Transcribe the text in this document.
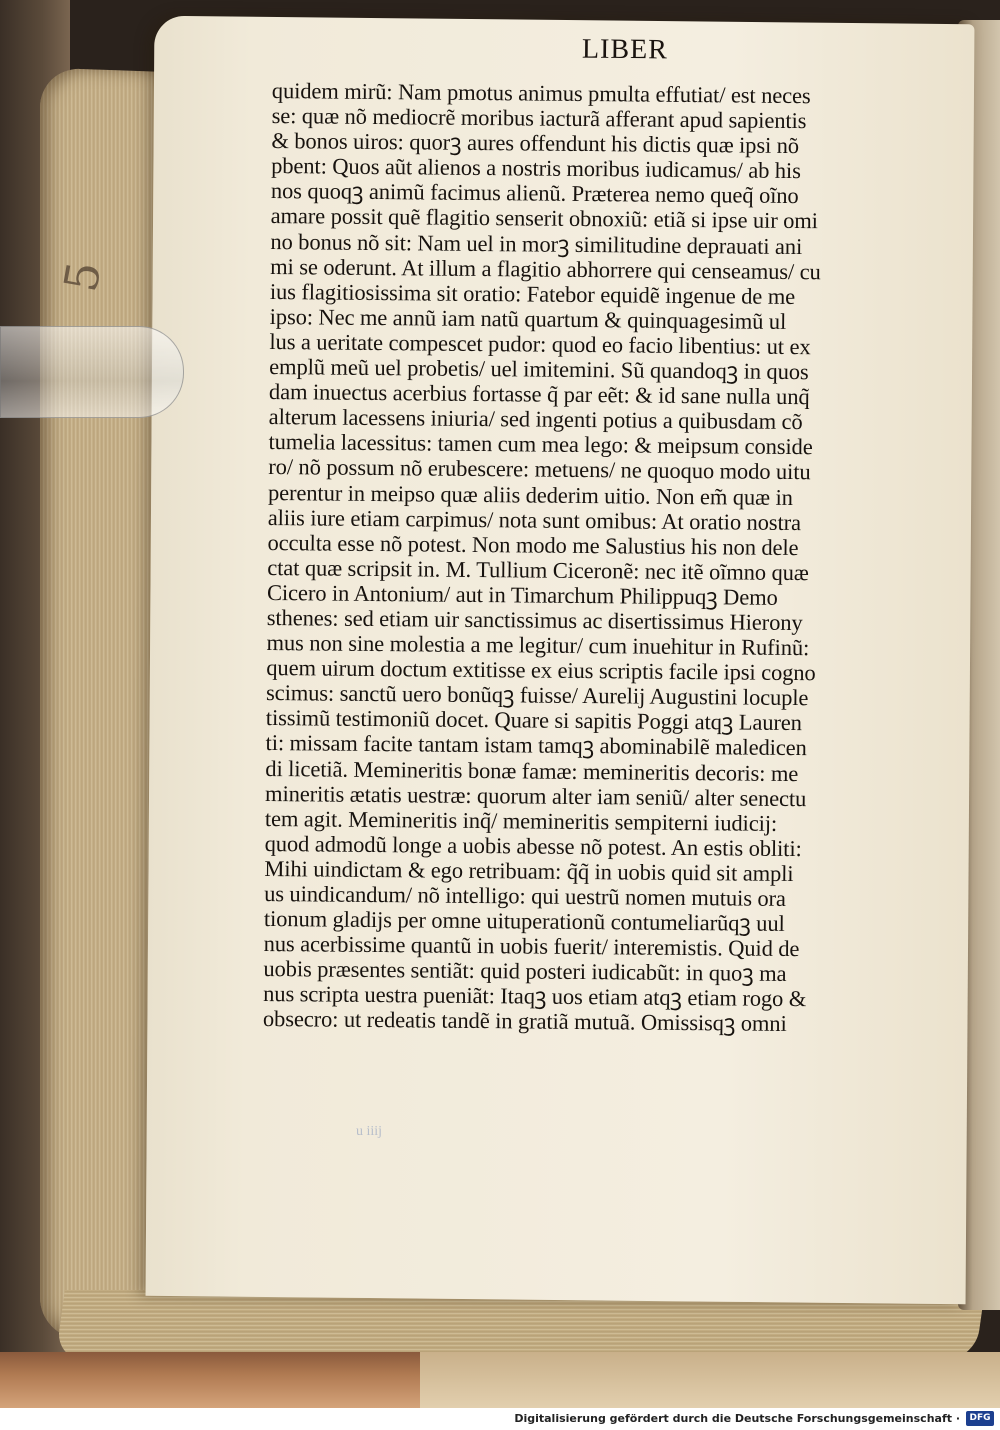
5
LIBER
quidem mirũ: Nam pmotus animus pmulta effutiat/ est neces
se: quæ nõ mediocrẽ moribus iacturã afferant apud sapientis
& bonos uiros: quorꝫ aures offendunt his dictis quæ ipsi nõ
pbent: Quos aũt alienos a nostris moribus iudicamus/ ab his
nos quoqꝫ animũ facimus alienũ. Præterea nemo queq̃ oĩno
amare possit quẽ flagitio senserit obnoxiũ: etiã si ipse uir omi
no bonus nõ sit: Nam uel in morꝫ similitudine deprauati ani
mi se oderunt. At illum a flagitio abhorrere qui censeamus/ cu
ius flagitiosissima sit oratio: Fatebor equidẽ ingenue de me
ipso: Nec me annũ iam natũ quartum & quinquagesimũ ul
lus a ueritate compescet pudor: quod eo facio libentius: ut ex
emplũ meũ uel probetis/ uel imitemini. Sũ quandoqꝫ in quos
dam inuectus acerbius fortasse q̃ par eẽt: & id sane nulla unq̃
alterum lacessens iniuria/ sed ingenti potius a quibusdam cõ
tumelia lacessitus: tamen cum mea lego: & meipsum conside
ro/ nõ possum nõ erubescere: metuens/ ne quoquo modo uitu
perentur in meipso quæ aliis dederim uitio. Non em̃ quæ in
aliis iure etiam carpimus/ nota sunt omibus: At oratio nostra
occulta esse nõ potest. Non modo me Salustius his non dele
ctat quæ scripsit in. M. Tullium Ciceronẽ: nec itẽ oĩmno quæ
Cicero in Antonium/ aut in Timarchum Philippuqꝫ Demo
sthenes: sed etiam uir sanctissimus ac disertissimus Hierony
mus non sine molestia a me legitur/ cum inuehitur in Rufinũ:
quem uirum doctum extitisse ex eius scriptis facile ipsi cogno
scimus: sanctũ uero bonũqꝫ fuisse/ Aurelij Augustini locuple
tissimũ testimoniũ docet. Quare si sapitis Poggi atqꝫ Lauren
ti: missam facite tantam istam tamqꝫ abominabilẽ maledicen
di licetiã. Memineritis bonæ famæ: memineritis decoris: me
mineritis ætatis uestræ: quorum alter iam seniũ/ alter senectu
tem agit. Memineritis inq̃/ memineritis sempiterni iudicij:
quod admodũ longe a uobis abesse nõ potest. An estis obliti:
Mihi uindictam & ego retribuam: q̃q̃ in uobis quid sit ampli
us uindicandum/ nõ intelligo: qui uestrũ nomen mutuis ora
tionum gladijs per omne uituperationũ contumeliarũqꝫ uul
nus acerbissime quantũ in uobis fuerit/ interemistis. Quid de
uobis præsentes sentiãt: quid posteri iudicabũt: in quoꝫ ma
nus scripta uestra pueniãt: Itaqꝫ uos etiam atqꝫ etiam rogo &
obsecro: ut redeatis tandẽ in gratiã mutuã. Omissisqꝫ omni
u iiij
Digitalisierung gefördert durch die Deutsche Forschungsgemeinschaft ·	DFG
